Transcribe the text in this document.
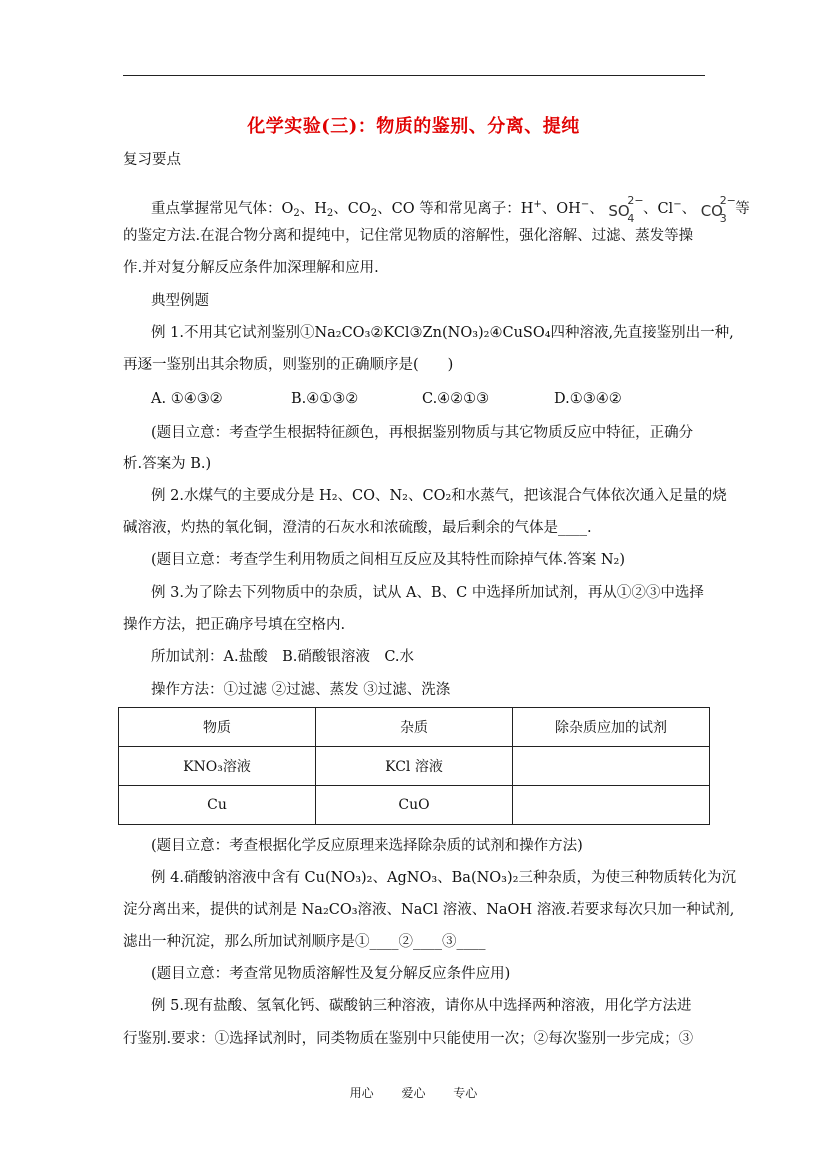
化学实验(三)：物质的鉴别、分离、提纯
复习要点
重点掌握常见气体：$O_2$、$H_2$、$CO_2$、CO 等和常见离子：H+、OH−、 SO
2−
4
、Cl−、 CO
2−
3
等
的鉴定方法.在混合物分离和提纯中，记住常见物质的溶解性，强化溶解、过滤、蒸发等操
作.并对复分解反应条件加深理解和应用.
典型例题
例 1.不用其它试剂鉴别①Na₂CO₃②KCl③Zn(NO₃)₂④CuSO₄四种溶液,先直接鉴别出一种,
再逐一鉴别出其余物质，则鉴别的正确顺序是(　　)
A. ①④③②	B.④①③②	C.④②①③	D.①③④②
(题目立意：考查学生根据特征颜色，再根据鉴别物质与其它物质反应中特征，正确分
析.答案为 B.)
例 2.水煤气的主要成分是 H₂、CO、N₂、CO₂和水蒸气，把该混合气体依次通入足量的烧
碱溶液，灼热的氧化铜，澄清的石灰水和浓硫酸，最后剩余的气体是____.
(题目立意：考查学生利用物质之间相互反应及其特性而除掉气体.答案 N₂)
例 3.为了除去下列物质中的杂质，试从 A、B、C 中选择所加试剂，再从①②③中选择
操作方法，把正确序号填在空格内.
所加试剂：A.盐酸　B.硝酸银溶液　C.水
操作方法：①过滤 ②过滤、蒸发 ③过滤、洗涤
物质	杂质	除杂质应加的试剂
KNO₃溶液	KCl 溶液	
Cu	CuO	
(题目立意：考查根据化学反应原理来选择除杂质的试剂和操作方法)
例 4.硝酸钠溶液中含有 Cu(NO₃)₂、AgNO₃、Ba(NO₃)₂三种杂质，为使三种物质转化为沉
淀分离出来，提供的试剂是 Na₂CO₃溶液、NaCl 溶液、NaOH 溶液.若要求每次只加一种试剂,
滤出一种沉淀，那么所加试剂顺序是①____②____③____
(题目立意：考查常见物质溶解性及复分解反应条件应用)
例 5.现有盐酸、氢氧化钙、碳酸钠三种溶液，请你从中选择两种溶液，用化学方法进
行鉴别.要求：①选择试剂时，同类物质在鉴别中只能使用一次；②每次鉴别一步完成；③
用心 爱心 专心
